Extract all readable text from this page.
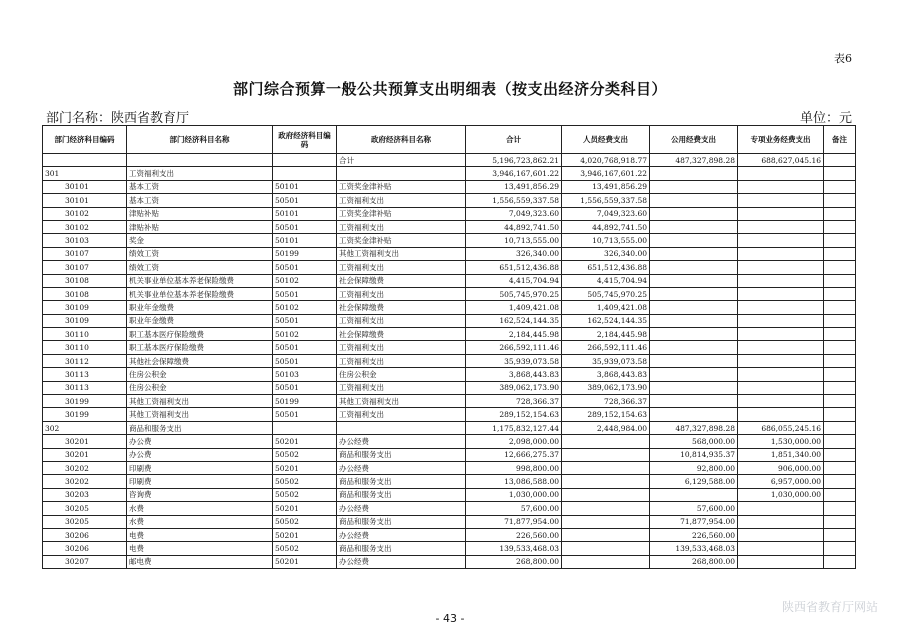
表6
部门综合预算一般公共预算支出明细表（按支出经济分类科目）
部门名称：陕西省教育厅	单位：元
部门经济科目编码	部门经济科目名称	政府经济科目编码	政府经济科目名称	合计	人员经费支出	公用经费支出	专项业务经费支出	备注
			合计	5,196,723,862.21	4,020,768,918.77	487,327,898.28	688,627,045.16	
301	工资福利支出			3,946,167,601.22	3,946,167,601.22			
30101	基本工资	50101	工资奖金津补贴	13,491,856.29	13,491,856.29			
30101	基本工资	50501	工资福利支出	1,556,559,337.58	1,556,559,337.58			
30102	津贴补贴	50101	工资奖金津补贴	7,049,323.60	7,049,323.60			
30102	津贴补贴	50501	工资福利支出	44,892,741.50	44,892,741.50			
30103	奖金	50101	工资奖金津补贴	10,713,555.00	10,713,555.00			
30107	绩效工资	50199	其他工资福利支出	326,340.00	326,340.00			
30107	绩效工资	50501	工资福利支出	651,512,436.88	651,512,436.88			
30108	机关事业单位基本养老保险缴费	50102	社会保障缴费	4,415,704.94	4,415,704.94			
30108	机关事业单位基本养老保险缴费	50501	工资福利支出	505,745,970.25	505,745,970.25			
30109	职业年金缴费	50102	社会保障缴费	1,409,421.08	1,409,421.08			
30109	职业年金缴费	50501	工资福利支出	162,524,144.35	162,524,144.35			
30110	职工基本医疗保险缴费	50102	社会保障缴费	2,184,445.98	2,184,445.98			
30110	职工基本医疗保险缴费	50501	工资福利支出	266,592,111.46	266,592,111.46			
30112	其他社会保障缴费	50501	工资福利支出	35,939,073.58	35,939,073.58			
30113	住房公积金	50103	住房公积金	3,868,443.83	3,868,443.83			
30113	住房公积金	50501	工资福利支出	389,062,173.90	389,062,173.90			
30199	其他工资福利支出	50199	其他工资福利支出	728,366.37	728,366.37			
30199	其他工资福利支出	50501	工资福利支出	289,152,154.63	289,152,154.63			
302	商品和服务支出			1,175,832,127.44	2,448,984.00	487,327,898.28	686,055,245.16	
30201	办公费	50201	办公经费	2,098,000.00		568,000.00	1,530,000.00	
30201	办公费	50502	商品和服务支出	12,666,275.37		10,814,935.37	1,851,340.00	
30202	印刷费	50201	办公经费	998,800.00		92,800.00	906,000.00	
30202	印刷费	50502	商品和服务支出	13,086,588.00		6,129,588.00	6,957,000.00	
30203	咨询费	50502	商品和服务支出	1,030,000.00			1,030,000.00	
30205	水费	50201	办公经费	57,600.00		57,600.00		
30205	水费	50502	商品和服务支出	71,877,954.00		71,877,954.00		
30206	电费	50201	办公经费	226,560.00		226,560.00		
30206	电费	50502	商品和服务支出	139,533,468.03		139,533,468.03		
30207	邮电费	50201	办公经费	268,800.00		268,800.00		
- 43 -
陕西省教育厅网站
